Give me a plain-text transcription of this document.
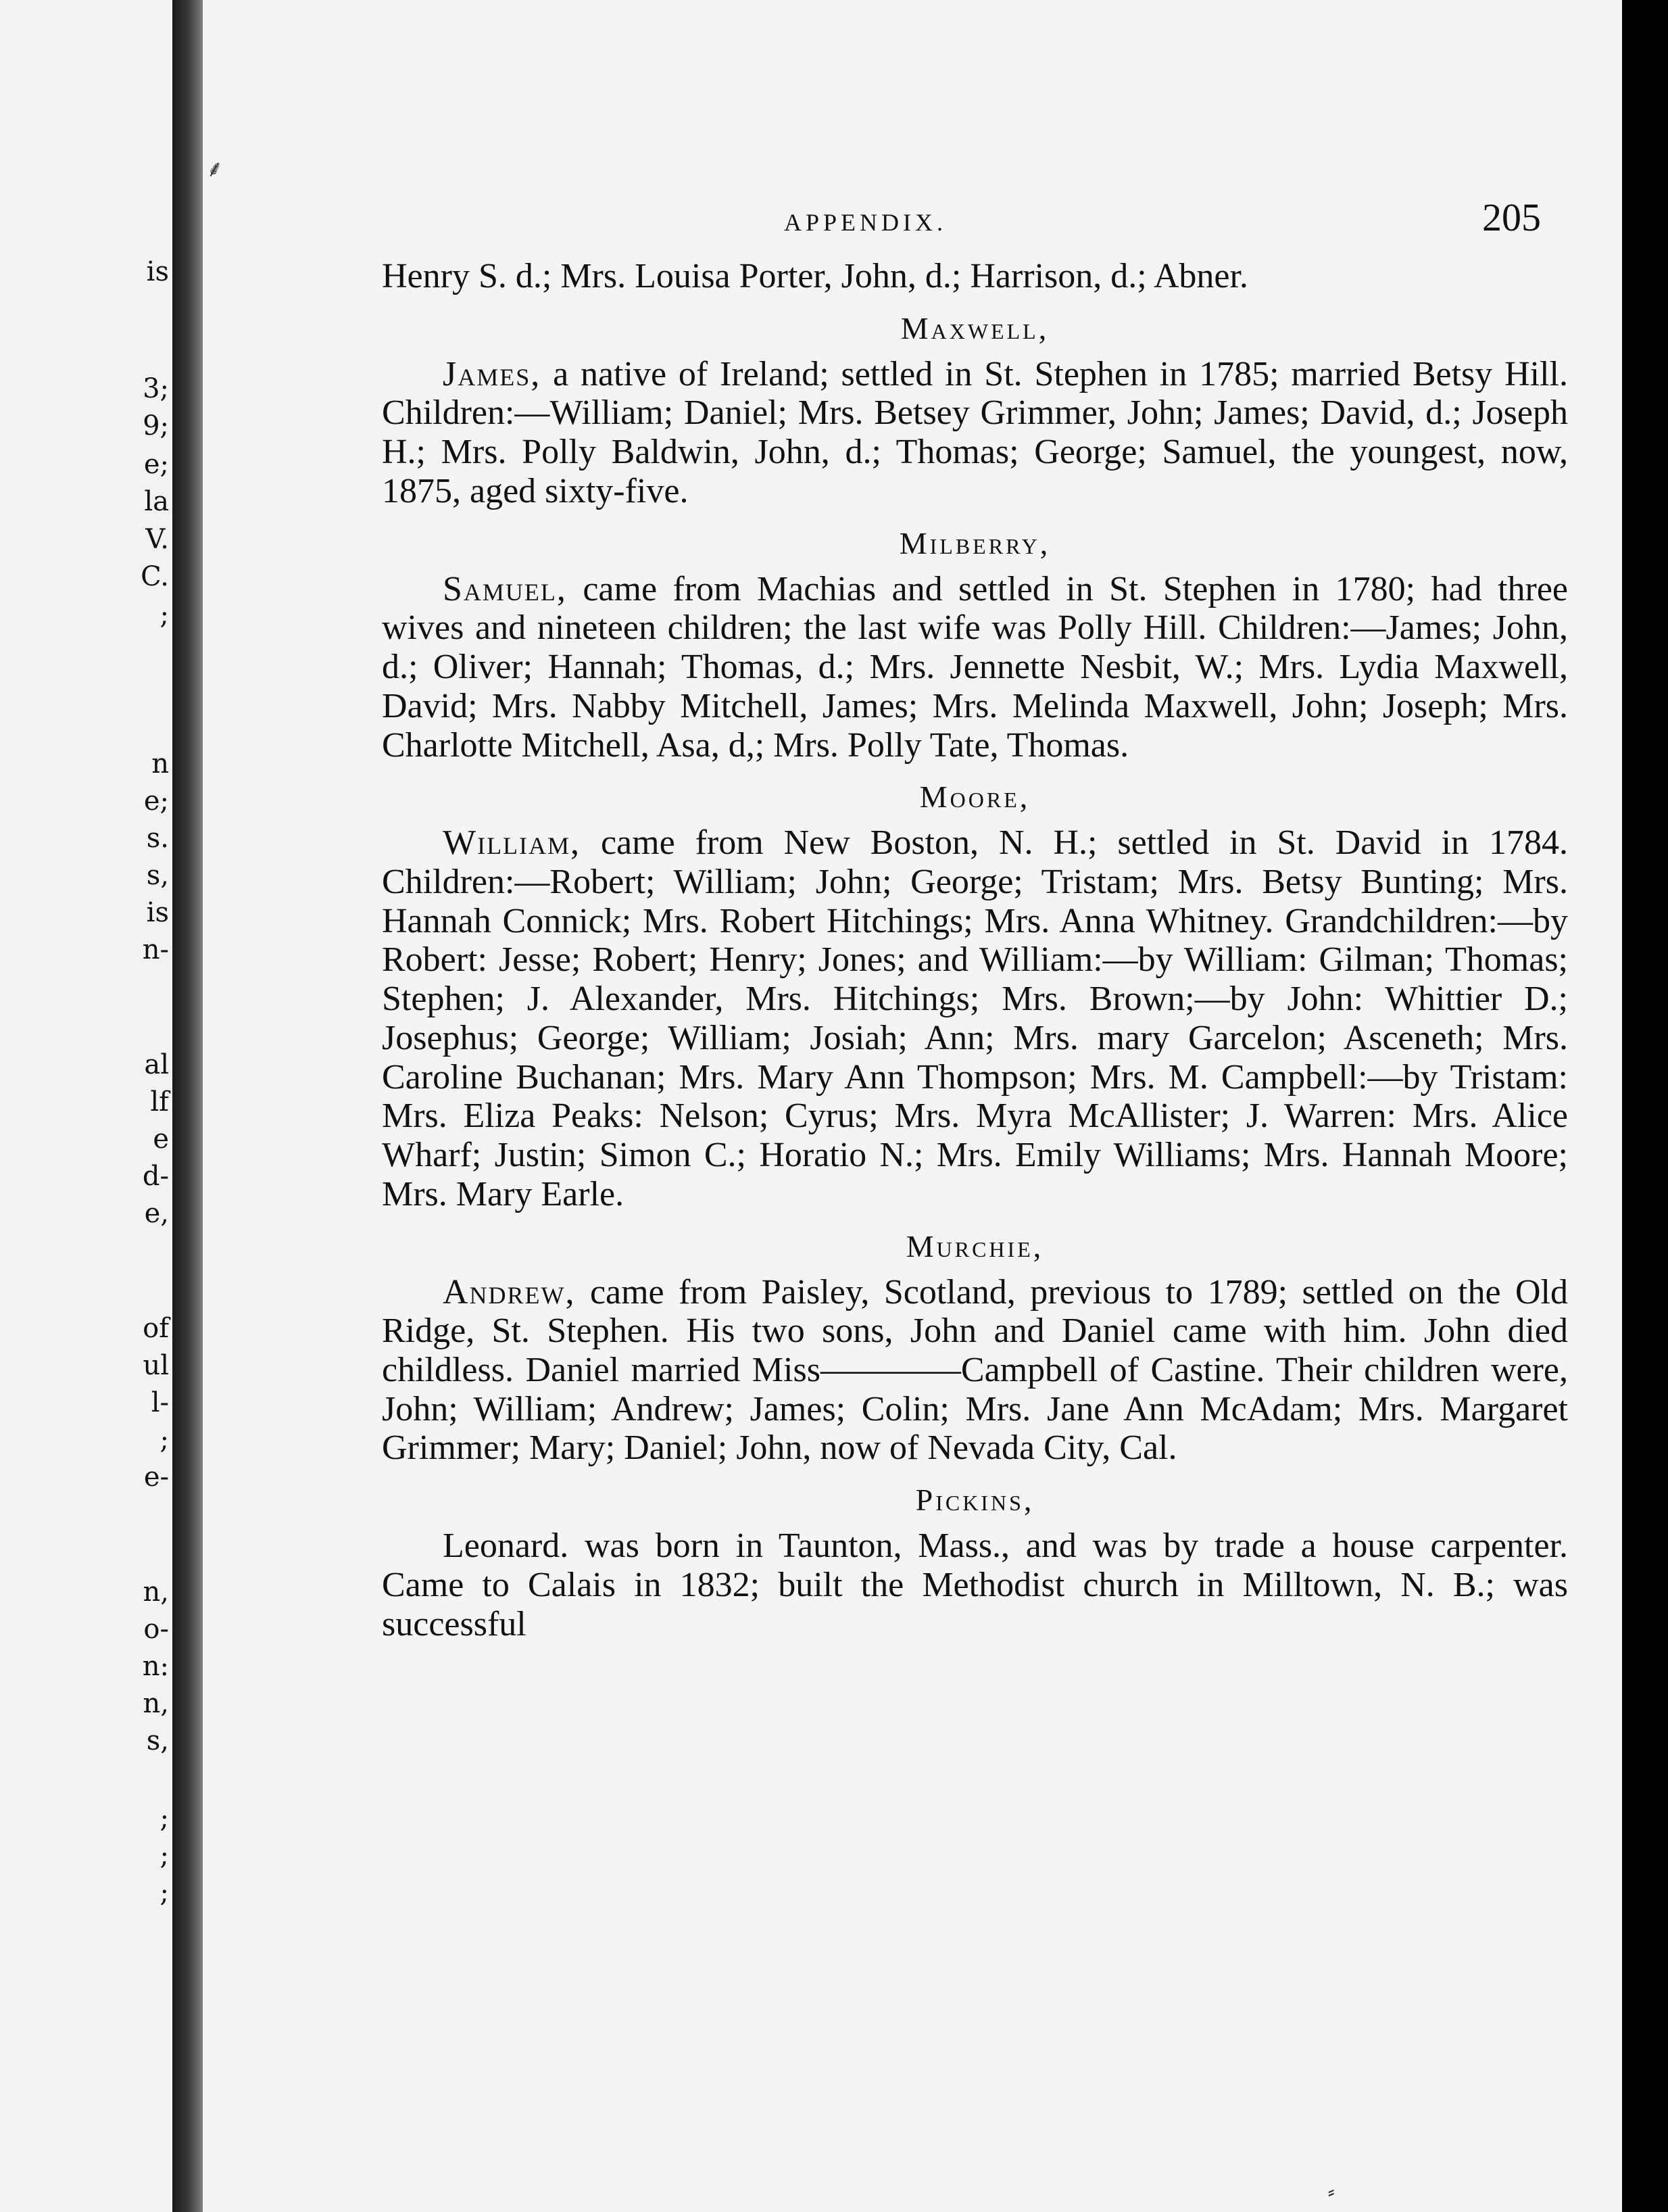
is
3;
9;
e;
la
V.
C.
;
n
e;
s.
s,
is
n-
al
lf
e
d-
e,
of
ul
l-
;
e-
n,
o-
n:
n,
s,
;
;
;
⸙
⸗
APPENDIX.	205

Henry S. d.; Mrs. Louisa Porter, John, d.; Harrison, d.; Abner.

Maxwell,

James, a native of Ireland; settled in St. Stephen in 1785; married Betsy Hill. Children:—William; Daniel; Mrs. Betsey Grimmer, John; James; David, d.; Joseph H.; Mrs. Polly Baldwin, John, d.; Thomas; George; Samuel, the youngest, now, 1875, aged sixty-five.

Milberry,

Samuel, came from Machias and settled in St. Stephen in 1780; had three wives and nineteen children; the last wife was Polly Hill. Children:—James; John, d.; Oliver; Hannah; Thomas, d.; Mrs. Jennette Nesbit, W.; Mrs. Lydia Maxwell, David; Mrs. Nabby Mitchell, James; Mrs. Melinda Maxwell, John; Joseph; Mrs. Charlotte Mitchell, Asa, d,; Mrs. Polly Tate, Thomas.

Moore,

William, came from New Boston, N. H.; settled in St. David in 1784. Children:—Robert; William; John; George; Tristam; Mrs. Betsy Bunting; Mrs. Hannah Connick; Mrs. Robert Hitchings; Mrs. Anna Whitney. Grandchildren:—by Robert: Jesse; Robert; Henry; Jones; and William:—by William: Gilman; Thomas; Stephen; J. Alexander, Mrs. Hitchings; Mrs. Brown;—by John: Whittier D.; Josephus; George; William; Josiah; Ann; Mrs. mary Garcelon; Asceneth; Mrs. Caroline Buchanan; Mrs. Mary Ann Thompson; Mrs. M. Campbell:—by Tristam: Mrs. Eliza Peaks: Nelson; Cyrus; Mrs. Myra McAllister; J. Warren: Mrs. Alice Wharf; Justin; Simon C.; Horatio N.; Mrs. Emily Williams; Mrs. Hannah Moore; Mrs. Mary Earle.

Murchie,

Andrew, came from Paisley, Scotland, previous to 1789; settled on the Old Ridge, St. Stephen. His two sons, John and Daniel came with him. John died childless. Daniel married Miss————Campbell of Castine. Their children were, John; William; Andrew; James; Colin; Mrs. Jane Ann McAdam; Mrs. Margaret Grimmer; Mary; Daniel; John, now of Nevada City, Cal.

Pickins,

Leonard. was born in Taunton, Mass., and was by trade a house carpenter. Came to Calais in 1832; built the Methodist church in Milltown, N. B.; was successful
